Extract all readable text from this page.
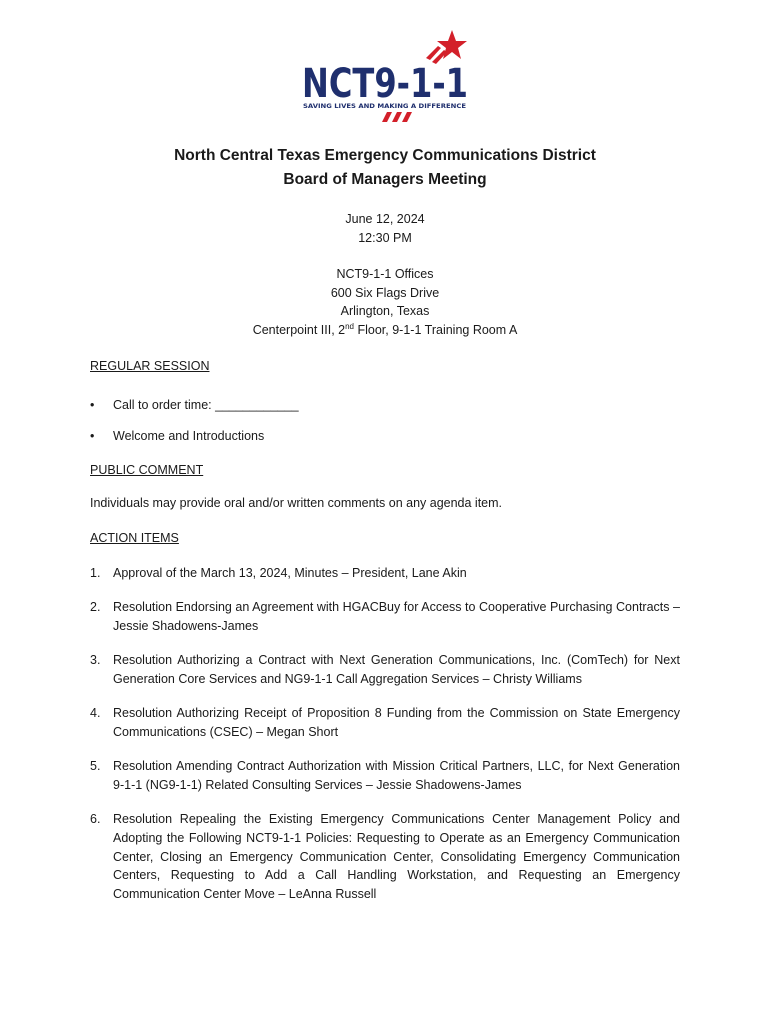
NCT9-1-1
SAVING LIVES AND MAKING A DIFFERENCE
North Central Texas Emergency Communications District
Board of Managers Meeting
June 12, 2024
12:30 PM
NCT9-1-1 Offices
600 Six Flags Drive
Arlington, Texas
Centerpoint III, 2nd Floor, 9-1-1 Training Room A
REGULAR SESSION
• Call to order time: ____________
• Welcome and Introductions
PUBLIC COMMENT
Individuals may provide oral and/or written comments on any agenda item.
ACTION ITEMS
1. Approval of the March 13, 2024, Minutes – President, Lane Akin
2. Resolution Endorsing an Agreement with HGACBuy for Access to Cooperative Purchasing Contracts – Jessie Shadowens-James
3. Resolution Authorizing a Contract with Next Generation Communications, Inc. (ComTech) for Next Generation Core Services and NG9-1-1 Call Aggregation Services – Christy Williams
4. Resolution Authorizing Receipt of Proposition 8 Funding from the Commission on State Emergency Communications (CSEC) – Megan Short
5. Resolution Amending Contract Authorization with Mission Critical Partners, LLC, for Next Generation 9-1-1 (NG9-1-1) Related Consulting Services – Jessie Shadowens-James
6. Resolution Repealing the Existing Emergency Communications Center Management Policy and Adopting the Following NCT9-1-1 Policies: Requesting to Operate as an Emergency Communication Center, Closing an Emergency Communication Center, Consolidating Emergency Communication Centers, Requesting to Add a Call Handling Workstation, and Requesting an Emergency Communication Center Move – LeAnna Russell
